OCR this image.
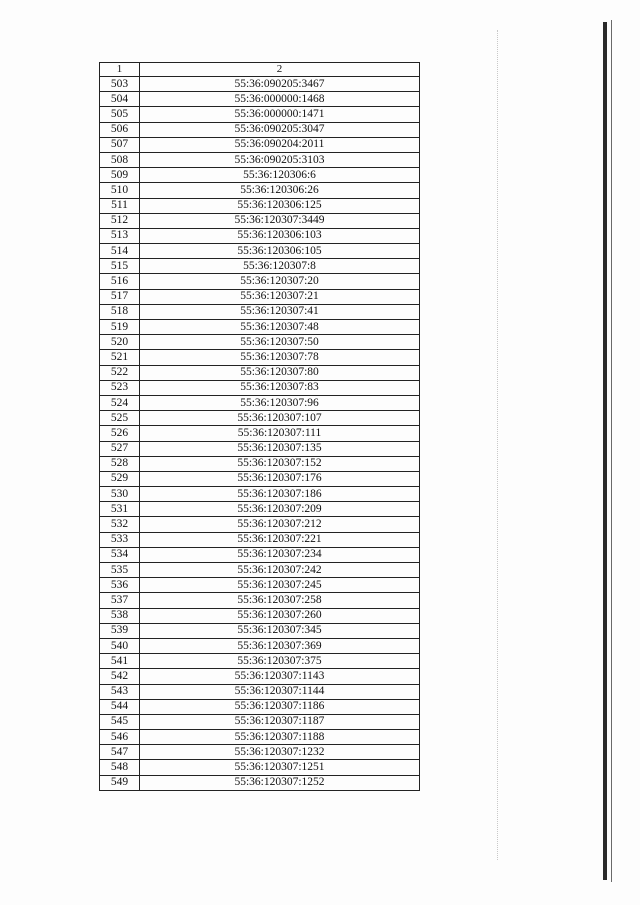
1	2
503	55:36:090205:3467
504	55:36:000000:1468
505	55:36:000000:1471
506	55:36:090205:3047
507	55:36:090204:2011
508	55:36:090205:3103
509	55:36:120306:6
510	55:36:120306:26
511	55:36:120306:125
512	55:36:120307:3449
513	55:36:120306:103
514	55:36:120306:105
515	55:36:120307:8
516	55:36:120307:20
517	55:36:120307:21
518	55:36:120307:41
519	55:36:120307:48
520	55:36:120307:50
521	55:36:120307:78
522	55:36:120307:80
523	55:36:120307:83
524	55:36:120307:96
525	55:36:120307:107
526	55:36:120307:111
527	55:36:120307:135
528	55:36:120307:152
529	55:36:120307:176
530	55:36:120307:186
531	55:36:120307:209
532	55:36:120307:212
533	55:36:120307:221
534	55:36:120307:234
535	55:36:120307:242
536	55:36:120307:245
537	55:36:120307:258
538	55:36:120307:260
539	55:36:120307:345
540	55:36:120307:369
541	55:36:120307:375
542	55:36:120307:1143
543	55:36:120307:1144
544	55:36:120307:1186
545	55:36:120307:1187
546	55:36:120307:1188
547	55:36:120307:1232
548	55:36:120307:1251
549	55:36:120307:1252
